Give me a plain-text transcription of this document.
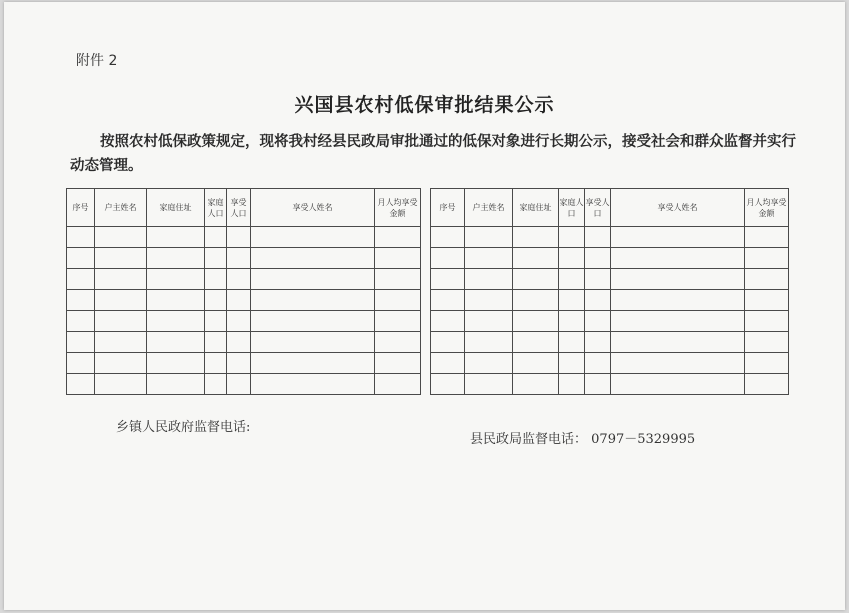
附件 2
兴国县农村低保审批结果公示
按照农村低保政策规定，现将我村经县民政局审批通过的低保对象进行长期公示，接受社会和群众监督并实行动态管理。
序号	户主姓名	家庭住址	家庭人口	享受人口	享受人姓名	月人均享受金额

序号	户主姓名	家庭住址	家庭人口	享受人口	享受人姓名	月人均享受金额

乡镇人民政府监督电话:
县民政局监督电话： 0797－5329995
